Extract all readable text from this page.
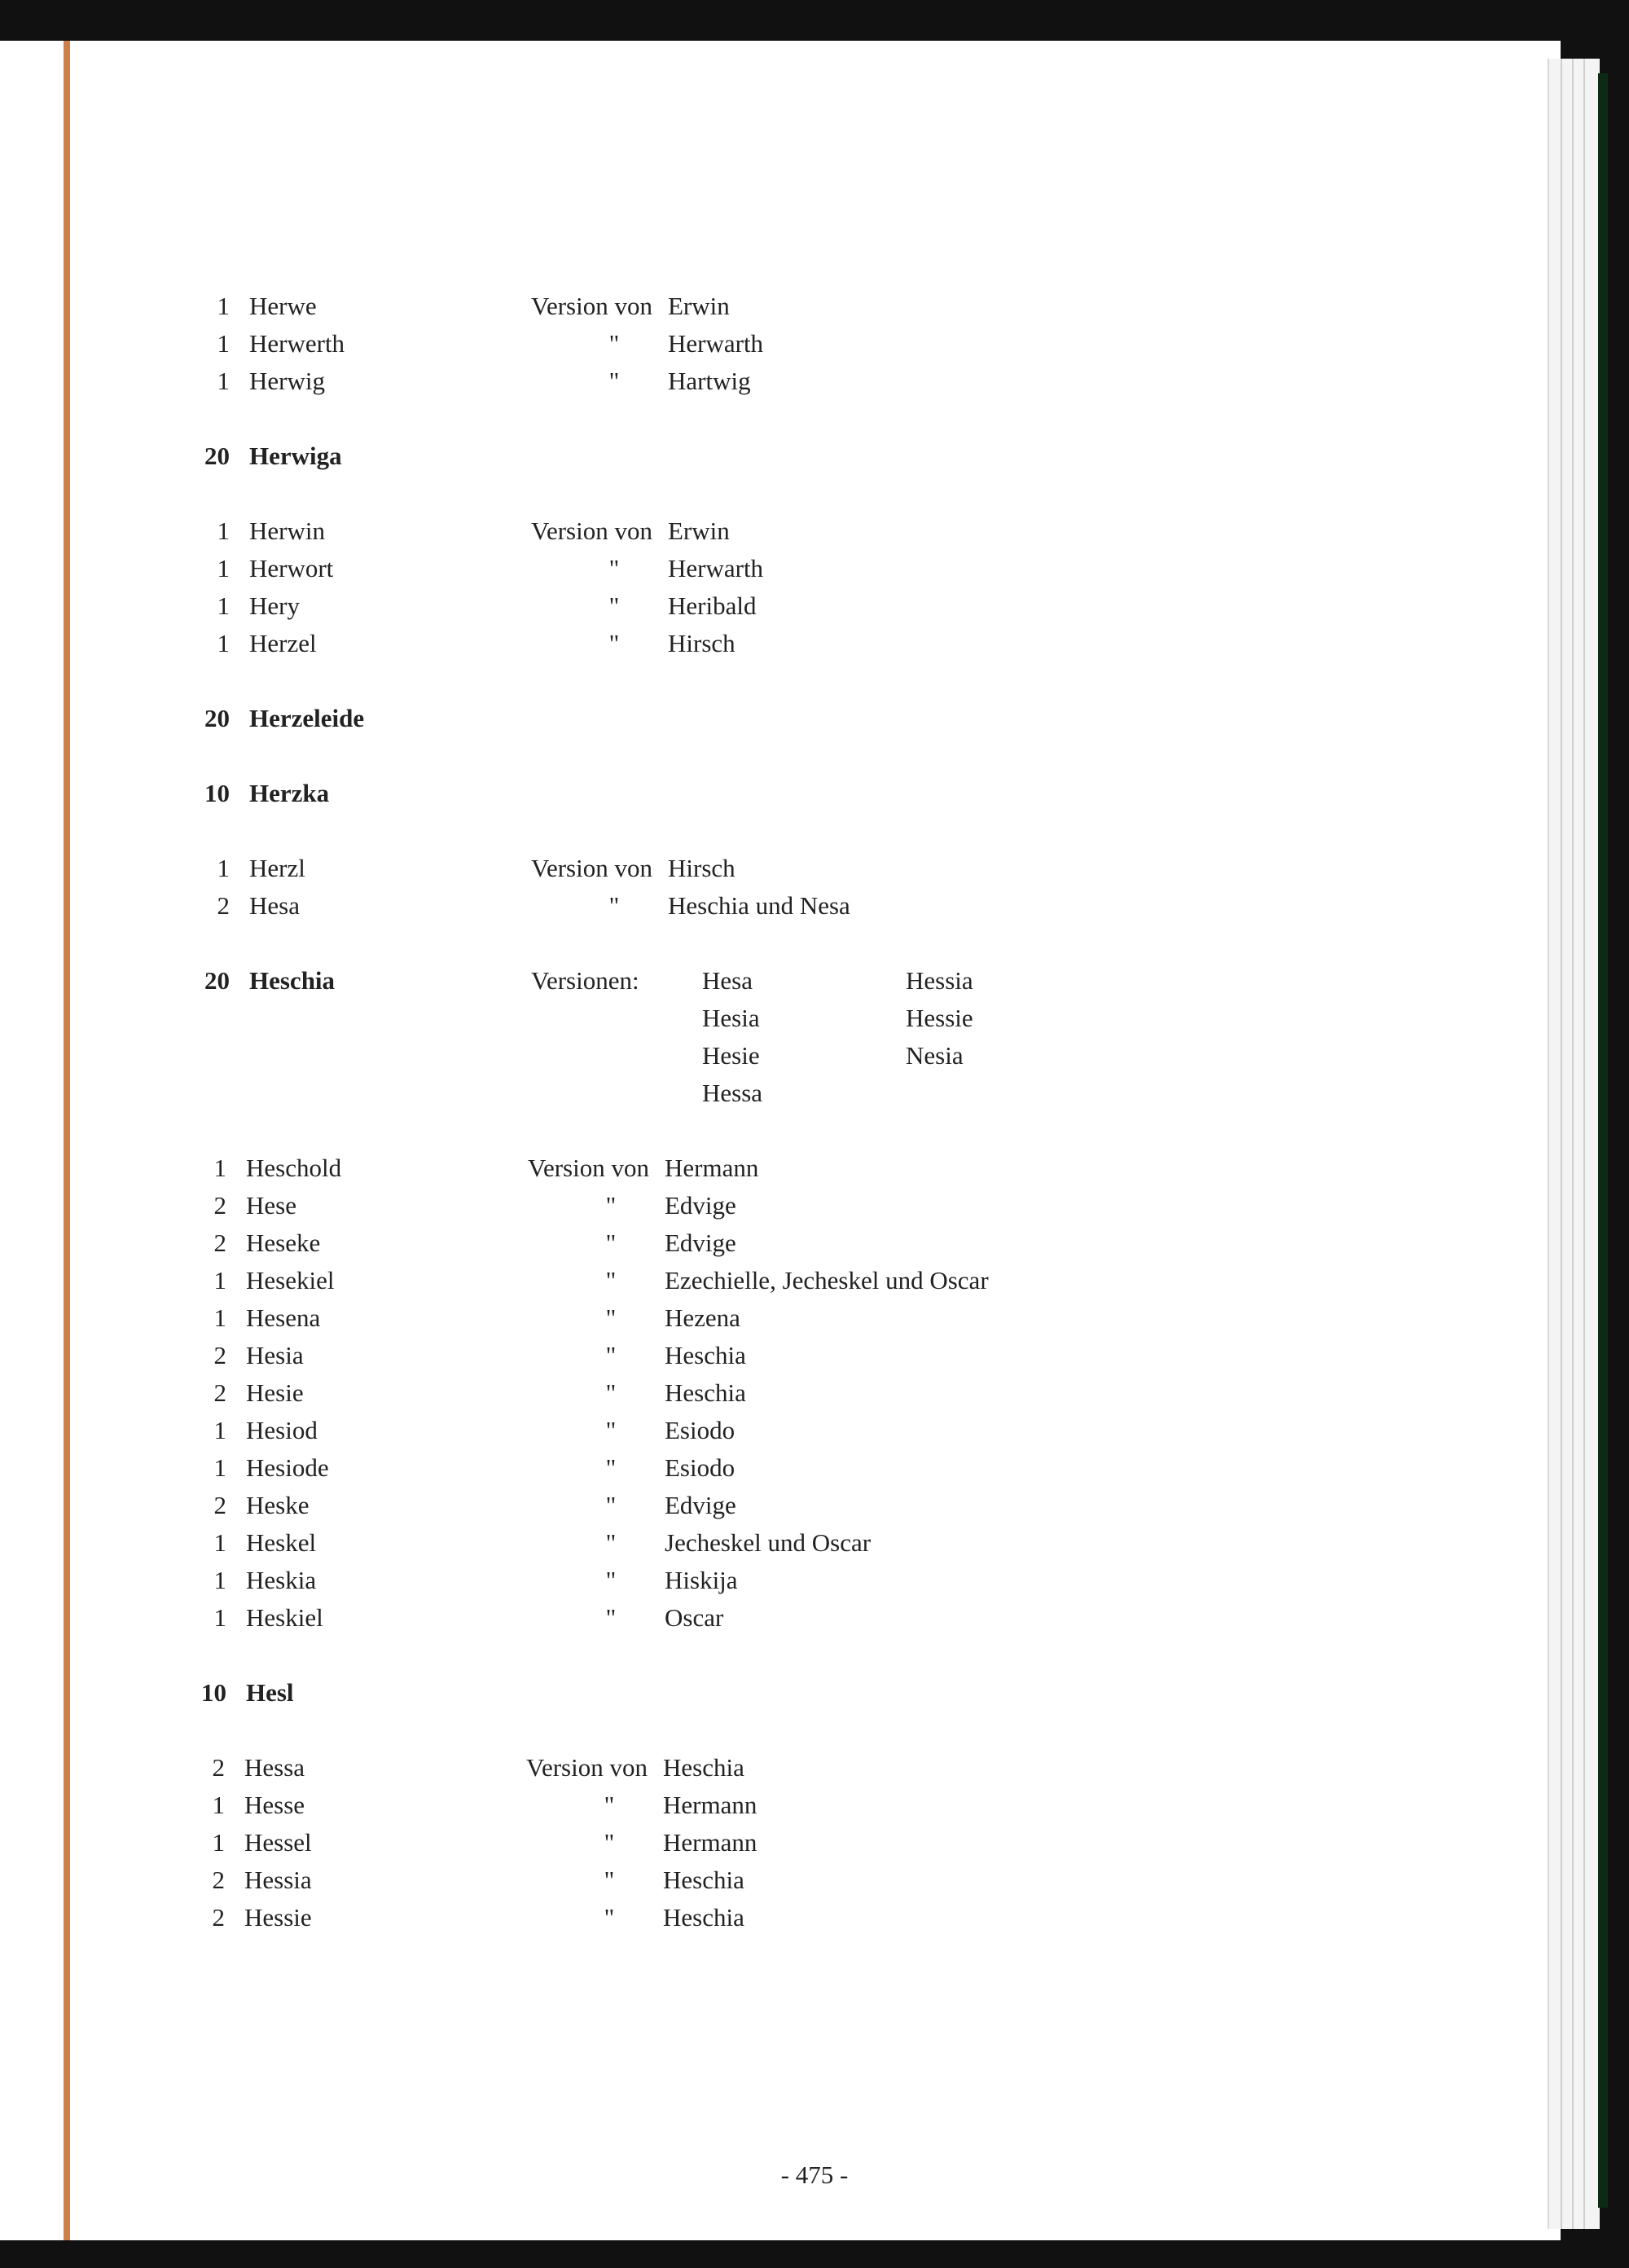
1 Herwe	Version von Erwin
1 Herwerth	"	Herwarth
1 Herwig	"	Hartwig
20 Herwiga
1 Herwin	Version von Erwin
1 Herwort	"	Herwarth
1 Hery	"	Heribald
1 Herzel	"	Hirsch
20 Herzeleide
10 Herzka
1 Herzl	Version von Hirsch
2 Hesa	"	Heschia und Nesa
20 Heschia	Versionen: Hesa	Hessia
Hesia	Hessie
Hesie	Nesia
Hessa
1 Heschold	Version von Hermann
2 Hese	"	Edvige
2 Heseke	"	Edvige
1 Hesekiel	"	Ezechielle, Jecheskel und Oscar
1 Hesena	"	Hezena
2 Hesia	"	Heschia
2 Hesie	"	Heschia
1 Hesiod	"	Esiodo
1 Hesiode	"	Esiodo
2 Heske	"	Edvige
1 Heskel	"	Jecheskel und Oscar
1 Heskia	"	Hiskija
1 Heskiel	"	Oscar
10 Hesl
2 Hessa	Version von Heschia
1 Hesse	"	Hermann
1 Hessel	"	Hermann
2 Hessia	"	Heschia
2 Hessie	"	Heschia
- 475 -
